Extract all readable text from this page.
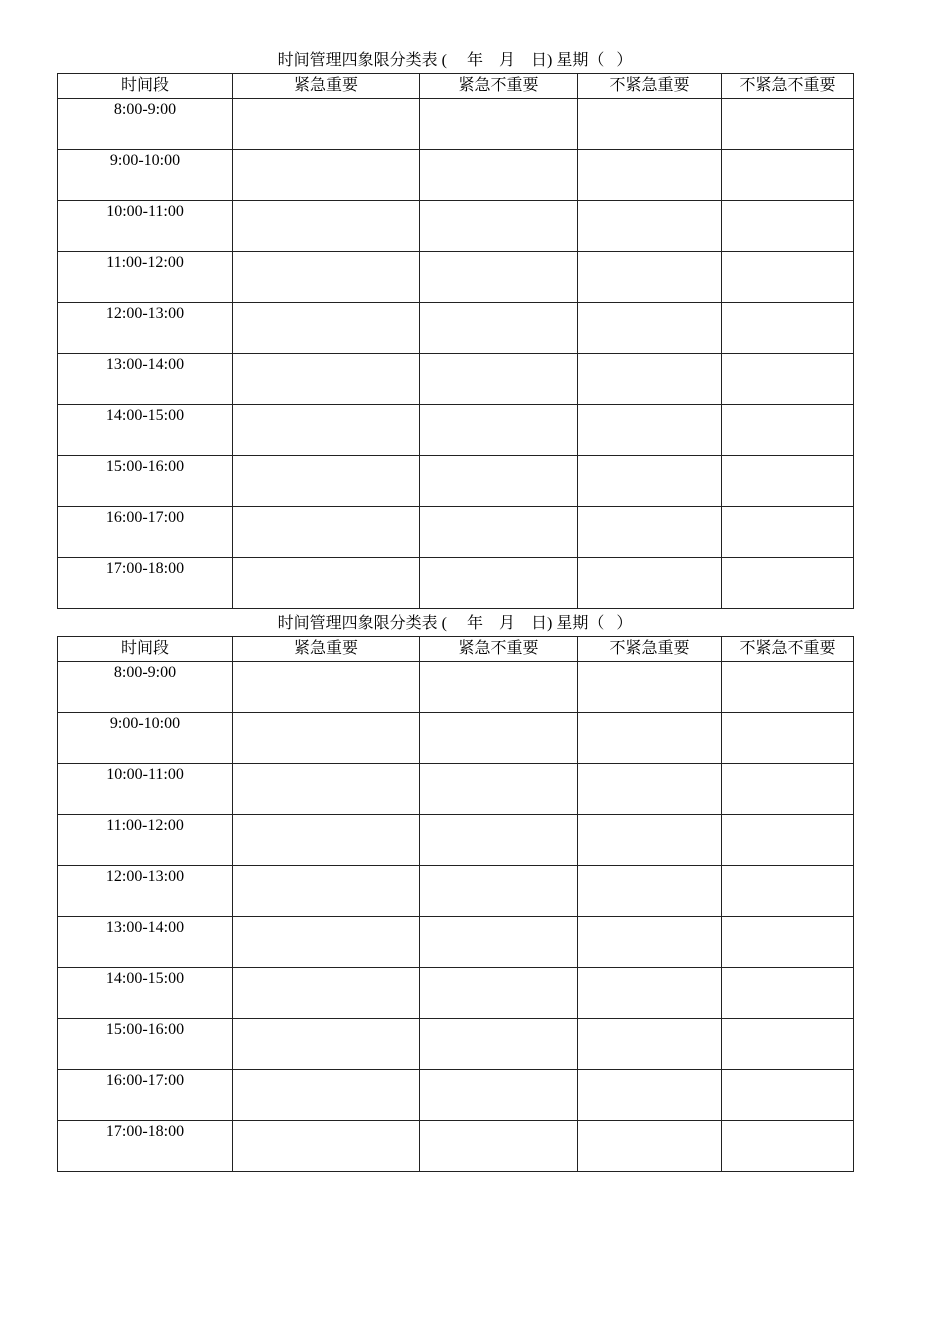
时间管理四象限分类表 ( 年 月 日) 星期（ ）
时间段	紧急重要	紧急不重要	不紧急重要	不紧急不重要
8:00-9:00				
9:00-10:00				
10:00-11:00				
11:00-12:00				
12:00-13:00				
13:00-14:00				
14:00-15:00				
15:00-16:00				
16:00-17:00				
17:00-18:00				
时间管理四象限分类表 ( 年 月 日) 星期（ ）
时间段	紧急重要	紧急不重要	不紧急重要	不紧急不重要
8:00-9:00				
9:00-10:00				
10:00-11:00				
11:00-12:00				
12:00-13:00				
13:00-14:00				
14:00-15:00				
15:00-16:00				
16:00-17:00				
17:00-18:00				
